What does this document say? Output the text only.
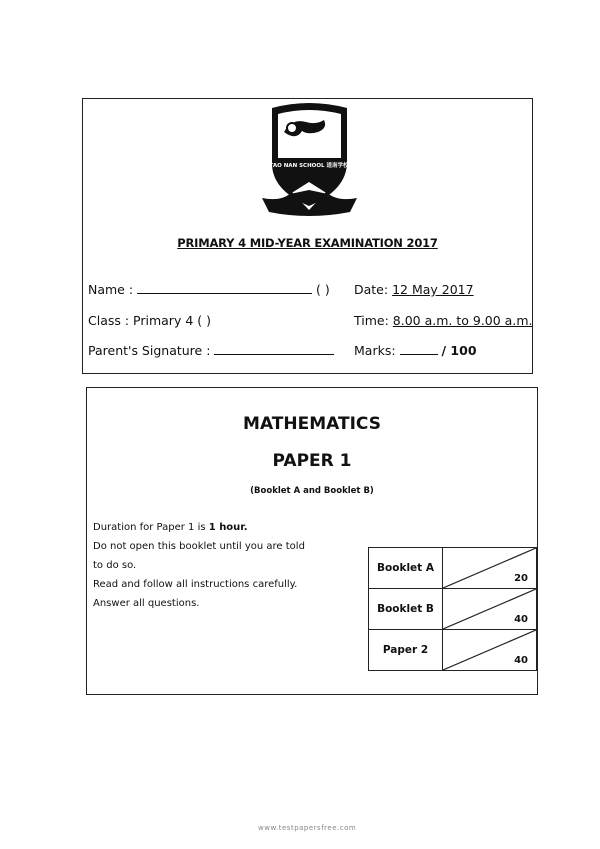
TAO NAN SCHOOL 道南学校
PRIMARY 4 MID-YEAR EXAMINATION 2017
Name :	( ) Date: 12 May 2017
Class : Primary 4 ( )	Time: 8.00 a.m. to 9.00 a.m.
Parent's Signature :	Marks:	/ 100
MATHEMATICS
PAPER 1
(Booklet A and Booklet B)
Duration for Paper 1 is 1 hour.
Do not open this booklet until you are told
to do so.
Read and follow all instructions carefully.
Answer all questions.
Booklet A	20

Booklet B	40

Paper 2	40
www.testpapersfree.com
